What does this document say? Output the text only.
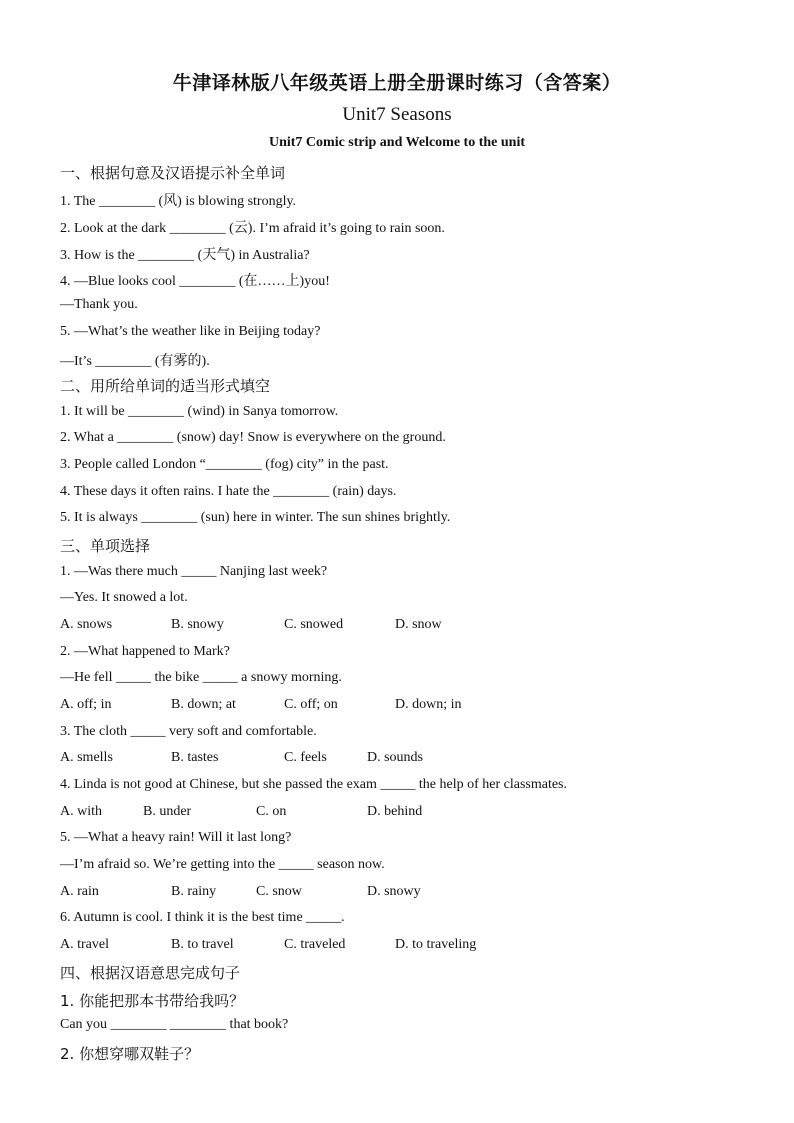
牛津译林版八年级英语上册全册课时练习（含答案）
Unit7 Seasons
Unit7 Comic strip and Welcome to the unit
一、根据句意及汉语提示补全单词
1. The ________ (风) is blowing strongly.
2. Look at the dark ________ (云). I’m afraid it’s going to rain soon.
3. How is the ________ (天气) in Australia?
4. —Blue looks cool ________ (在……上)you!
—Thank you.
5. —What’s the weather like in Beijing today?
—It’s ________ (有雾的).
二、用所给单词的适当形式填空
1. It will be ________ (wind) in Sanya tomorrow.
2. What a ________ (snow) day! Snow is everywhere on the ground.
3. People called London “________ (fog) city” in the past.
4. These days it often rains. I hate the ________ (rain) days.
5. It is always ________ (sun) here in winter. The sun shines brightly.
三、单项选择
1. —Was there much _____ Nanjing last week?
—Yes. It snowed a lot.
A. snows	B. snowy	C. snowed	D. snow
2. —What happened to Mark?
—He fell _____ the bike _____ a snowy morning.
A. off; in	B. down; at	C. off; on	D. down; in
3. The cloth _____ very soft and comfortable.
A. smells	B. tastes	C. feels	D. sounds
4. Linda is not good at Chinese, but she passed the exam _____ the help of her classmates.
A. with	B. under	C. on	D. behind
5. —What a heavy rain! Will it last long?
—I’m afraid so. We’re getting into the _____ season now.
A. rain	B. rainy	C. snow	D. snowy
6. Autumn is cool. I think it is the best time _____.
A. travel	B. to travel	C. traveled	D. to traveling
四、根据汉语意思完成句子
1. 你能把那本书带给我吗？
Can you ________ ________ that book?
2. 你想穿哪双鞋子？
